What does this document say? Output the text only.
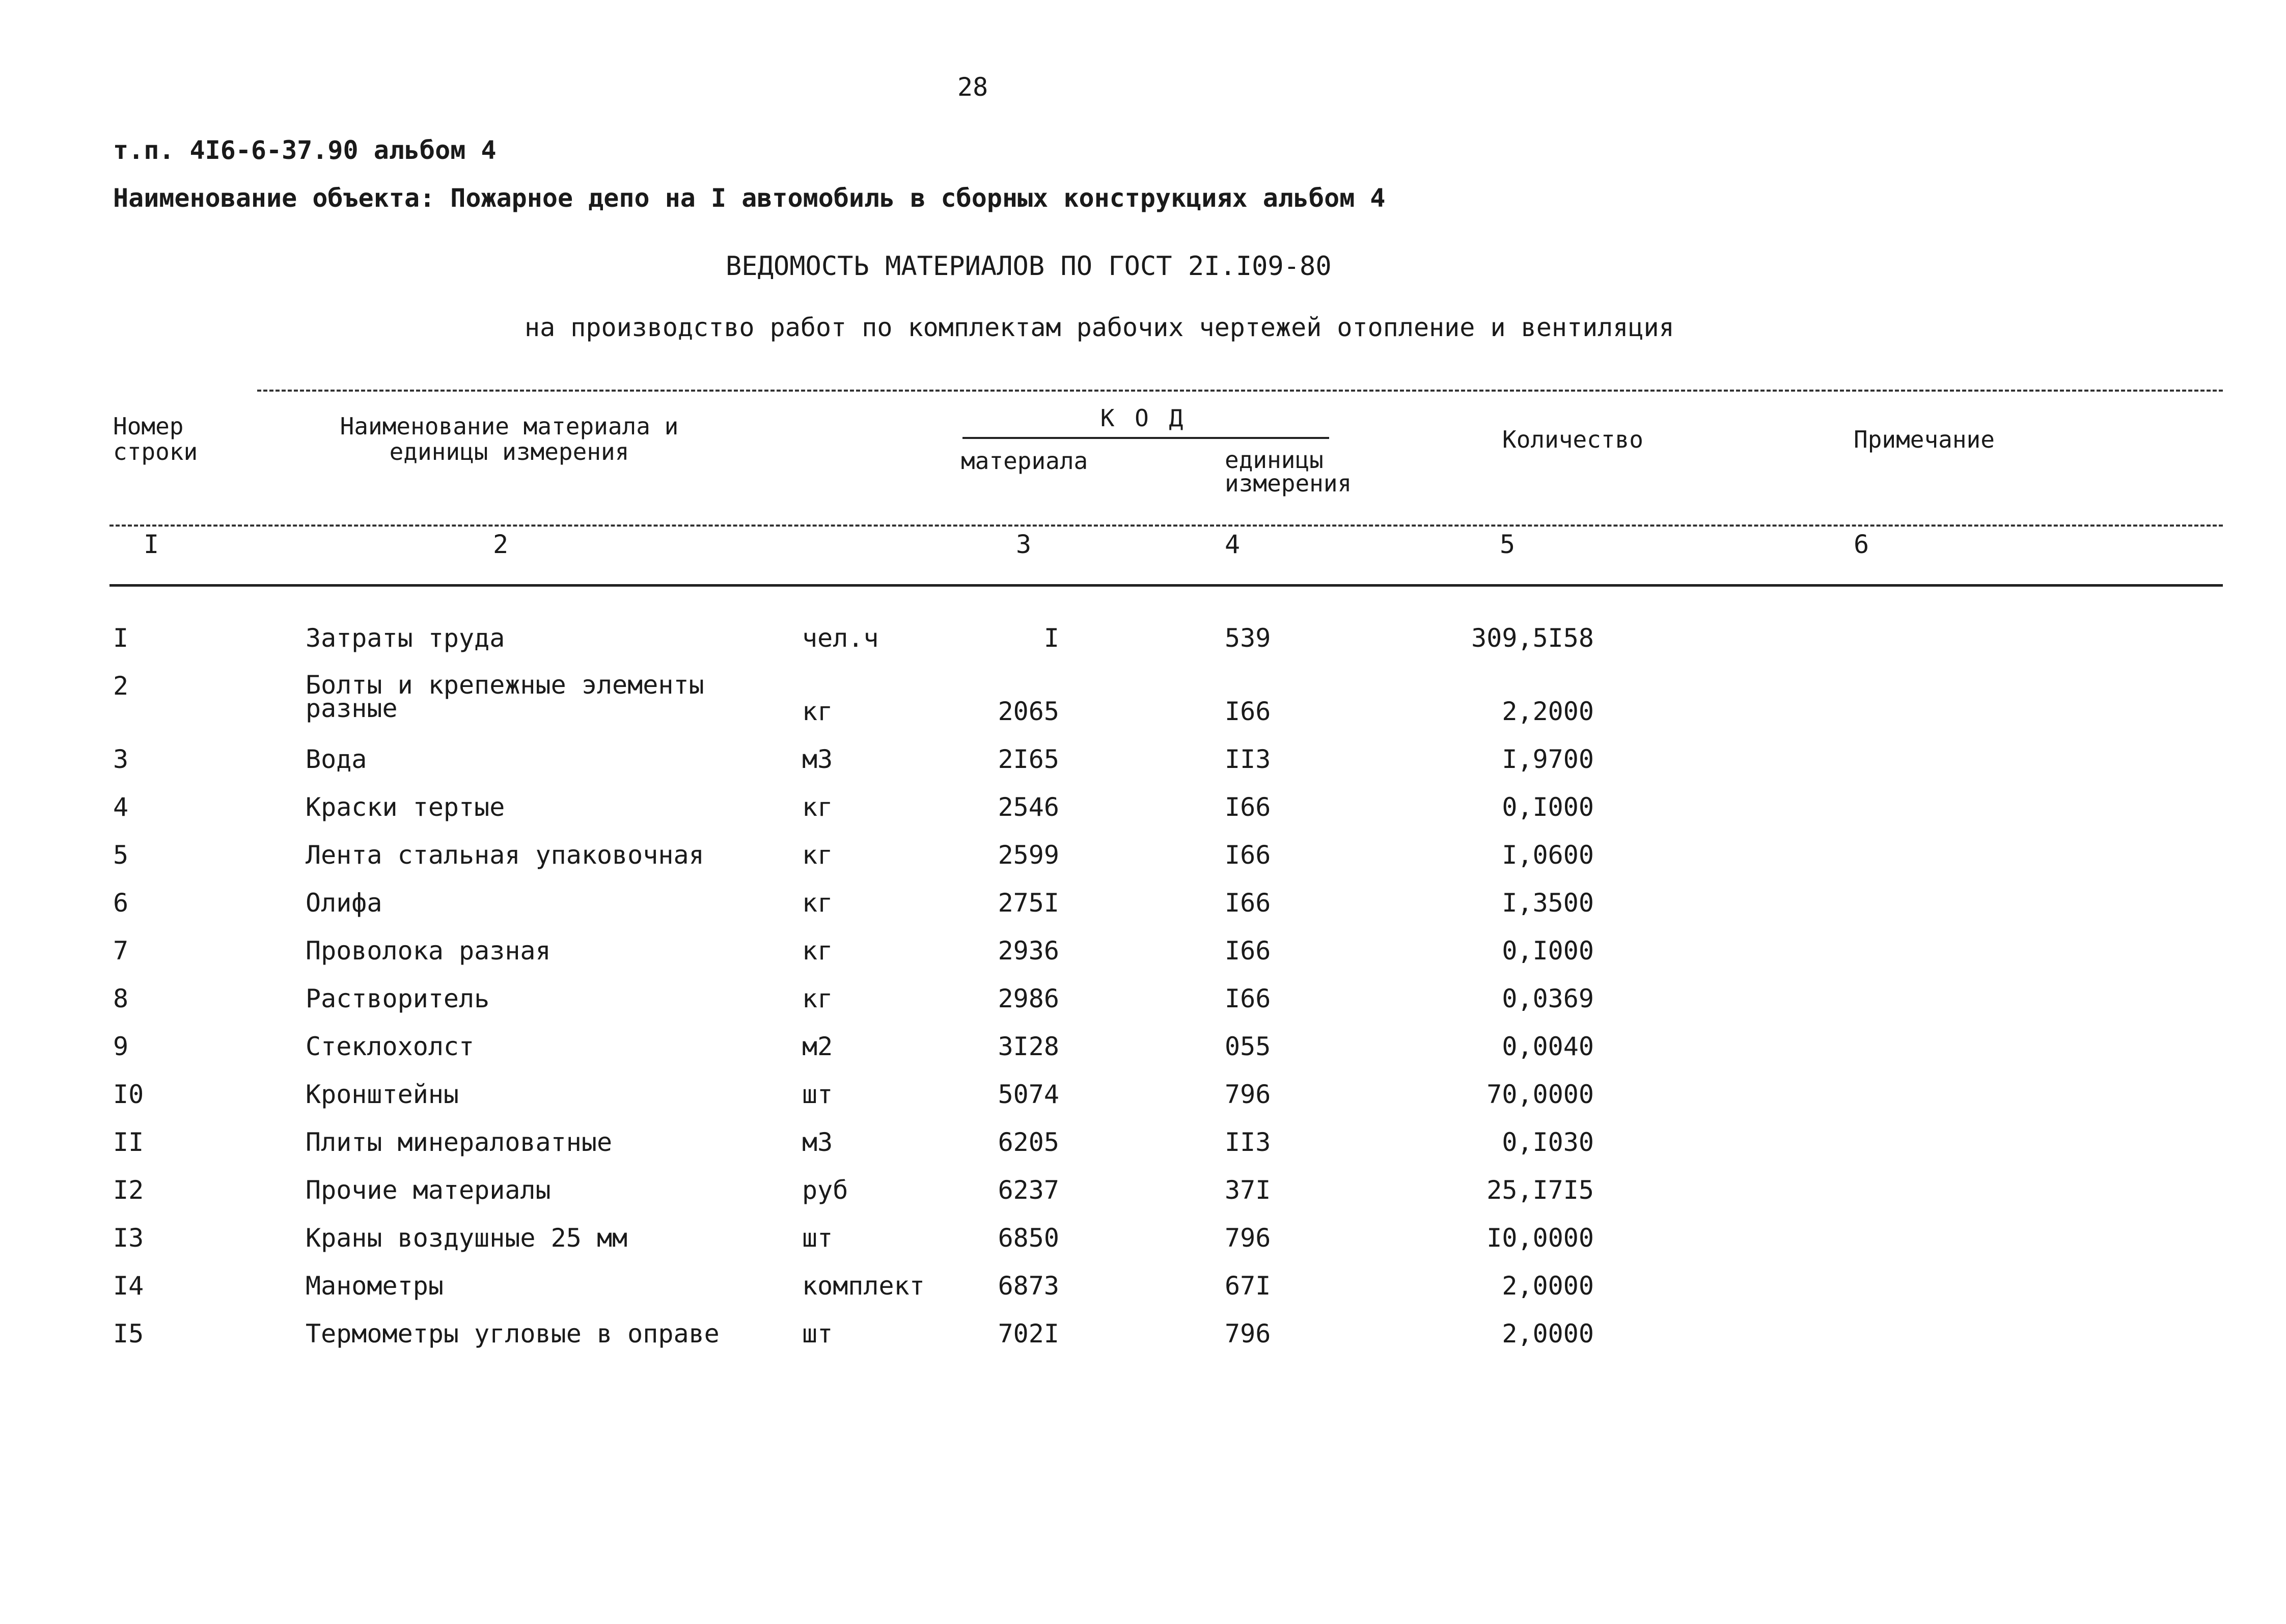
28
т.п. 4I6-6-37.90 альбом 4
Наименование объекта: Пожарное депо на I автомобиль в сборных конструкциях альбом 4
ВЕДОМОСТЬ МАТЕРИАЛОВ ПО ГОСТ 2I.I09-80
на производство работ по комплектам рабочих чертежей отопление и вентиляция
Номер
строки
Наименование материала и
единицы измерения
К О Д
материала	единицы
измерения
Количество	Примечание
I	2	3	4	5	6
I	Затраты труда	чел.ч	I	539	309,5I58
2	Болты и крепежные элементы
разные	кг	2065	I66	2,2000
3	Вода	м3	2I65	II3	I,9700
4	Краски тертые	кг	2546	I66	0,I000
5	Лента стальная упаковочная	кг	2599	I66	I,0600
6	Олифа	кг	275I	I66	I,3500
7	Проволока разная	кг	2936	I66	0,I000
8	Растворитель	кг	2986	I66	0,0369
9	Стеклохолст	м2	3I28	055	0,0040
I0	Кронштейны	шт	5074	796	70,0000
II	Плиты минераловатные	м3	6205	II3	0,I030
I2	Прочие материалы	руб	6237	37I	25,I7I5
I3	Краны воздушные 25 мм	шт	6850	796	I0,0000
I4	Манометры	комплект	6873	67I	2,0000
I5	Термометры угловые в оправе	шт	702I	796	2,0000
